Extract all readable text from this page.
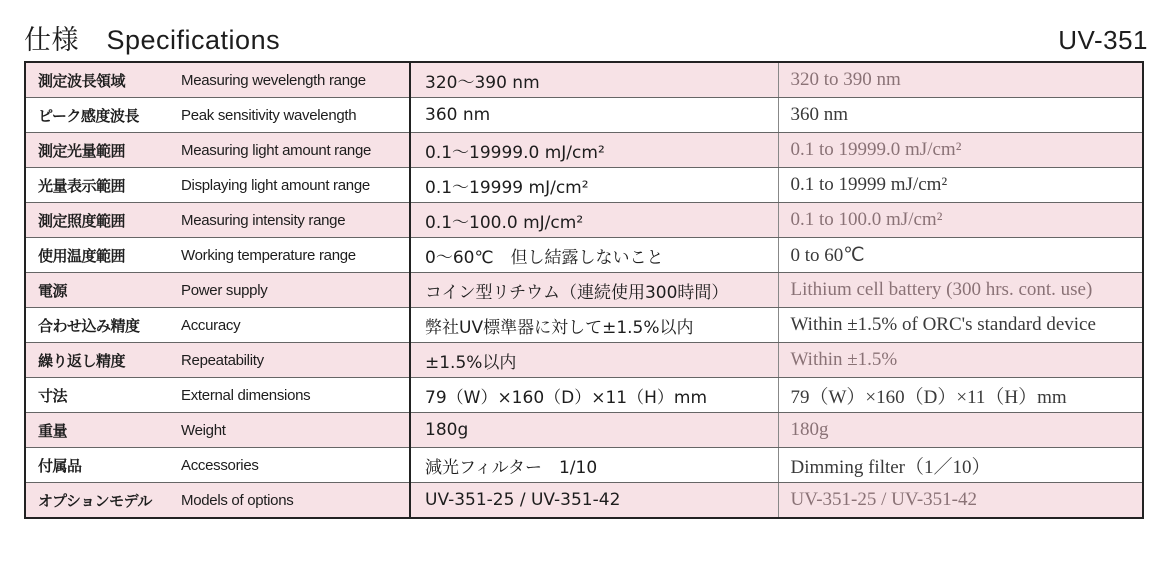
仕様　Specifications	UV-351
測定波長領域	Measuring wevelength range	320～390 nm	320 to 390 nm
ピーク感度波長	Peak sensitivity wavelength	360 nm	360 nm
測定光量範囲	Measuring light amount range	0.1～19999.0 mJ/cm²	0.1 to 19999.0 mJ/cm²
光量表示範囲	Displaying light amount range	0.1～19999 mJ/cm²	0.1 to 19999 mJ/cm²
測定照度範囲	Measuring intensity range	0.1～100.0 mJ/cm²	0.1 to 100.0 mJ/cm²
使用温度範囲	Working temperature range	0～60℃　但し結露しないこと	0 to 60℃
電源	Power supply	コイン型リチウム（連続使用300時間）	Lithium cell battery (300 hrs. cont. use)
合わせ込み精度	Accuracy	弊社UV標準器に対して±1.5%以内	Within ±1.5% of ORC's standard device
繰り返し精度	Repeatability	±1.5%以内	Within ±1.5%
寸法	External dimensions	79（W）×160（D）×11（H）mm	79（W）×160（D）×11（H）mm
重量	Weight	180g	180g
付属品	Accessories	減光フィルター　1/10	Dimming filter（1／10）
オプションモデル	Models of options	UV-351-25 / UV-351-42	UV-351-25 / UV-351-42
